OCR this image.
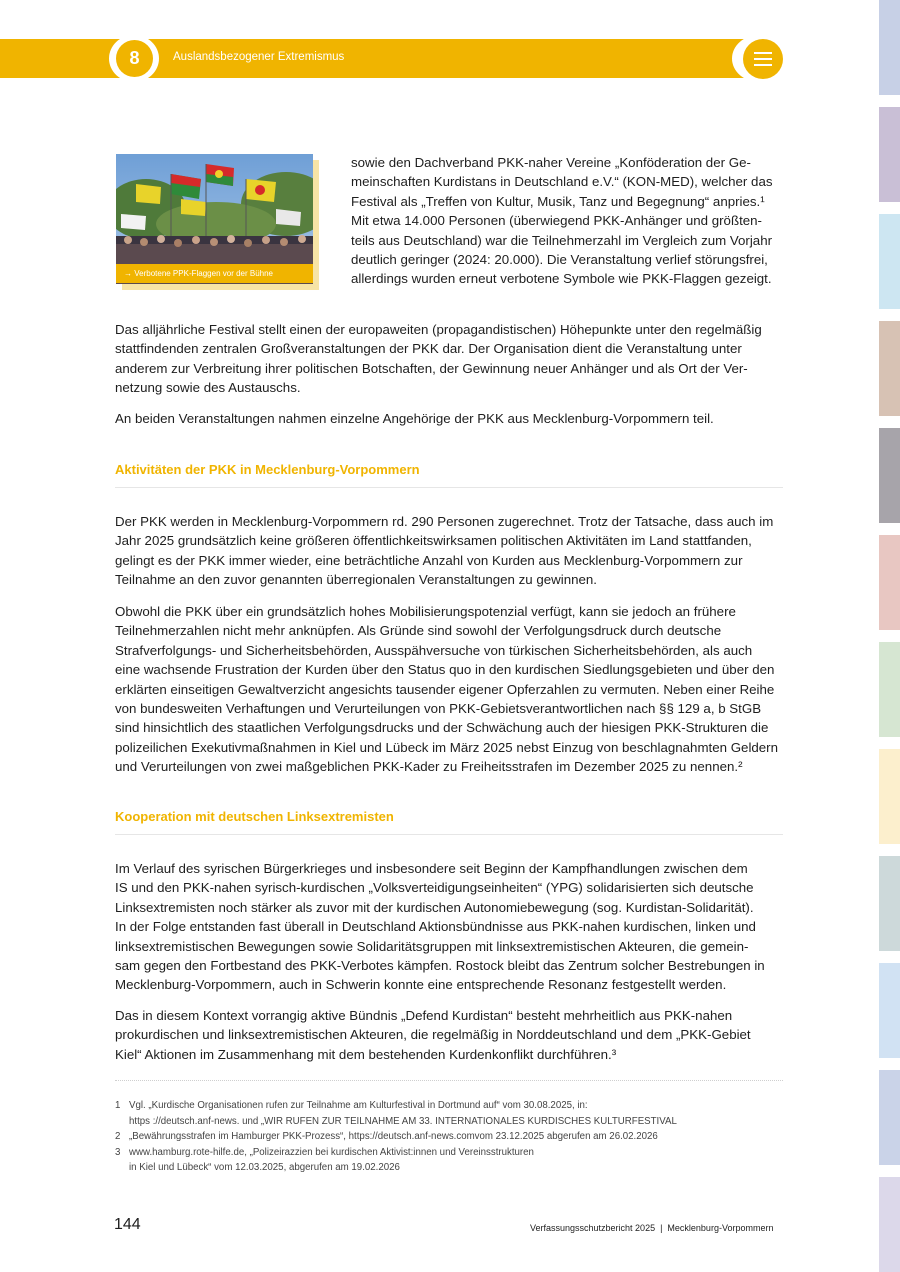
8	Auslandsbezogener Extremismus
→ Verbotene PPK-Flaggen vor der Bühne
sowie den Dachverband PKK-naher Vereine „Konföderation der Ge-
meinschaften Kurdistans in Deutschland e.V.“ (KON-MED), welcher das
Festival als „Treffen von Kultur, Musik, Tanz und Begegnung“ anpries.¹
Mit etwa 14.000 Personen (überwiegend PKK-Anhänger und größten-
teils aus Deutschland) war die Teilnehmerzahl im Vergleich zum Vorjahr
deutlich geringer (2024: 20.000). Die Veranstaltung verlief störungsfrei,
allerdings wurden erneut verbotene Symbole wie PKK-Flaggen gezeigt.
Das alljährliche Festival stellt einen der europaweiten (propagandistischen) Höhepunkte unter den regelmäßig
stattfindenden zentralen Großveranstaltungen der PKK dar. Der Organisation dient die Veranstaltung unter
anderem zur Verbreitung ihrer politischen Botschaften, der Gewinnung neuer Anhänger und als Ort der Ver-
netzung sowie des Austauschs.
An beiden Veranstaltungen nahmen einzelne Angehörige der PKK aus Mecklenburg-Vorpommern teil.
Aktivitäten der PKK in Mecklenburg-Vorpommern
Der PKK werden in Mecklenburg-Vorpommern rd. 290 Personen zugerechnet. Trotz der Tatsache, dass auch im
Jahr 2025 grundsätzlich keine größeren öffentlichkeitswirksamen politischen Aktivitäten im Land stattfanden,
gelingt es der PKK immer wieder, eine beträchtliche Anzahl von Kurden aus Mecklenburg-Vorpommern zur
Teilnahme an den zuvor genannten überregionalen Veranstaltungen zu gewinnen.
Obwohl die PKK über ein grundsätzlich hohes Mobilisierungspotenzial verfügt, kann sie jedoch an frühere
Teilnehmerzahlen nicht mehr anknüpfen. Als Gründe sind sowohl der Verfolgungsdruck durch deutsche
Strafverfolgungs- und Sicherheitsbehörden, Ausspähversuche von türkischen Sicherheitsbehörden, als auch
eine wachsende Frustration der Kurden über den Status quo in den kurdischen Siedlungsgebieten und über den
erklärten einseitigen Gewaltverzicht angesichts tausender eigener Opferzahlen zu vermuten. Neben einer Reihe
von bundesweiten Verhaftungen und Verurteilungen von PKK-Gebietsverantwortlichen nach §§ 129 a, b StGB
sind hinsichtlich des staatlichen Verfolgungsdrucks und der Schwächung auch der hiesigen PKK-Strukturen die
polizeilichen Exekutivmaßnahmen in Kiel und Lübeck im März 2025 nebst Einzug von beschlagnahmten Geldern
und Verurteilungen von zwei maßgeblichen PKK-Kader zu Freiheitsstrafen im Dezember 2025 zu nennen.²
Kooperation mit deutschen Linksextremisten
Im Verlauf des syrischen Bürgerkrieges und insbesondere seit Beginn der Kampfhandlungen zwischen dem
IS und den PKK-nahen syrisch-kurdischen „Volksverteidigungseinheiten“ (YPG) solidarisierten sich deutsche
Linksextremisten noch stärker als zuvor mit der kurdischen Autonomiebewegung (sog. Kurdistan-Solidarität).
In der Folge entstanden fast überall in Deutschland Aktionsbündnisse aus PKK-nahen kurdischen, linken und
linksextremistischen Bewegungen sowie Solidaritätsgruppen mit linksextremistischen Akteuren, die gemein-
sam gegen den Fortbestand des PKK-Verbotes kämpfen. Rostock bleibt das Zentrum solcher Bestrebungen in
Mecklenburg-Vorpommern, auch in Schwerin konnte eine entsprechende Resonanz festgestellt werden.
Das in diesem Kontext vorrangig aktive Bündnis „Defend Kurdistan“ besteht mehrheitlich aus PKK-nahen
prokurdischen und linksextremistischen Akteuren, die regelmäßig in Norddeutschland und dem „PKK-Gebiet
Kiel“ Aktionen im Zusammenhang mit dem bestehenden Kurdenkonflikt durchführen.³
1 Vgl. „Kurdische Organisationen rufen zur Teilnahme am Kulturfestival in Dortmund auf“ vom 30.08.2025, in:
https ://deutsch.anf-news. und „WIR RUFEN ZUR TEILNAHME AM 33. INTERNATIONALES KURDISCHES KULTURFESTIVAL
2 „Bewährungsstrafen im Hamburger PKK-Prozess“, https://deutsch.anf-news.comvom 23.12.2025 abgerufen am 26.02.2026
3 www.hamburg.rote-hilfe.de, „Polizeirazzien bei kurdischen Aktivist:innen und Vereinsstrukturen
in Kiel und Lübeck“ vom 12.03.2025, abgerufen am 19.02.2026
144	Verfassungsschutzbericht 2025  |  Mecklenburg-Vorpommern
